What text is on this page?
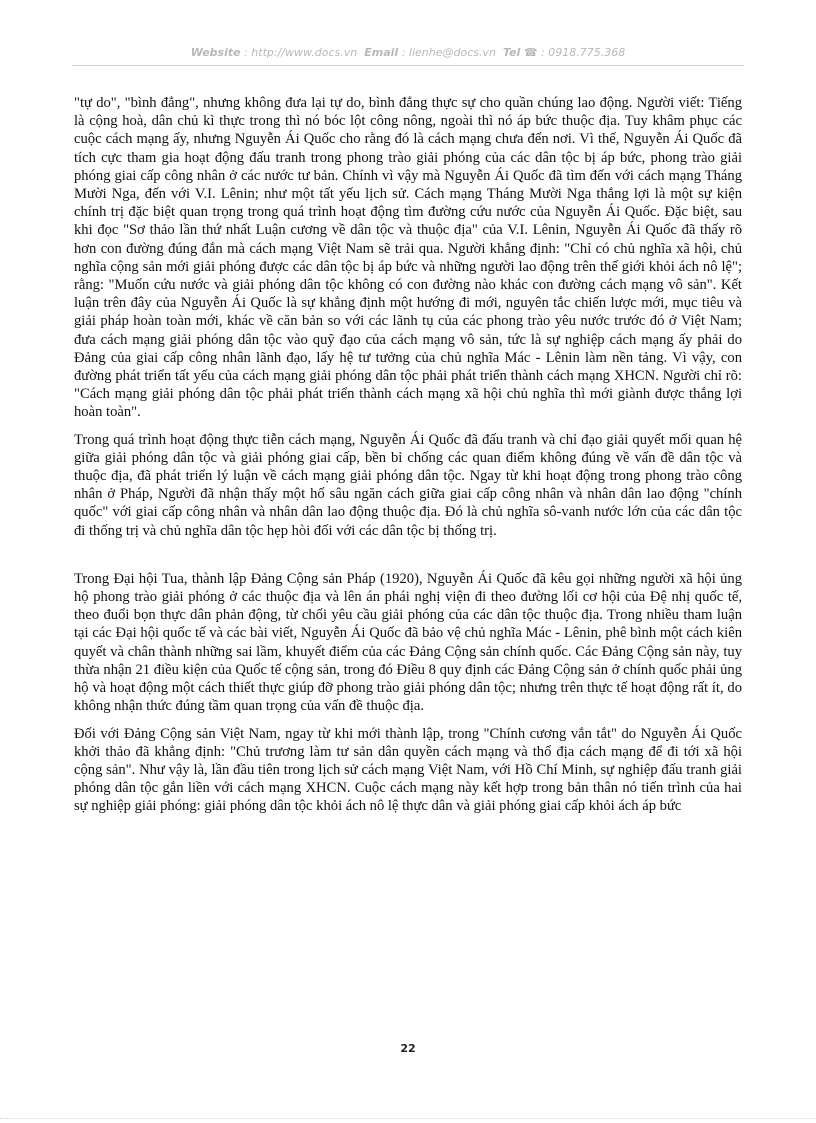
Website : http://www.docs.vn Email : lienhe@docs.vn Tel ☎ : 0918.775.368

"tự do", "bình đẳng", nhưng không đưa lại tự do, bình đẳng thực sự cho quần chúng lao động. Người viết: Tiếng là cộng hoà, dân chủ kì thực trong thì nó bóc lột công nông, ngoài thì nó áp bức thuộc địa. Tuy khâm phục các cuộc cách mạng ấy, nhưng Nguyễn Ái Quốc cho rằng đó là cách mạng chưa đến nơi. Vì thế, Nguyễn Ái Quốc đã tích cực tham gia hoạt động đấu tranh trong phong trào giải phóng của các dân tộc bị áp bức, phong trào giải phóng giai cấp công nhân ở các nước tư bản. Chính vì vậy mà Nguyễn Ái Quốc đã tìm đến với cách mạng Tháng Mười Nga, đến với V.I. Lênin; như một tất yếu lịch sử. Cách mạng Tháng Mười Nga thắng lợi là một sự kiện chính trị đặc biệt quan trọng trong quá trình hoạt động tìm đường cứu nước của Nguyễn Ái Quốc. Đặc biệt, sau khi đọc "Sơ thảo lần thứ nhất Luận cương về dân tộc và thuộc địa" của V.I. Lênin, Nguyễn Ái Quốc đã thấy rõ hơn con đường đúng đắn mà cách mạng Việt Nam sẽ trải qua. Người khẳng định: "Chỉ có chủ nghĩa xã hội, chủ nghĩa cộng sản mới giải phóng được các dân tộc bị áp bức và những người lao động trên thế giới khỏi ách nô lệ"; rằng: "Muốn cứu nước và giải phóng dân tộc không có con đường nào khác con đường cách mạng vô sản". Kết luận trên đây của Nguyễn Ái Quốc là sự khẳng định một hướng đi mới, nguyên tắc chiến lược mới, mục tiêu và giải pháp hoàn toàn mới, khác về căn bản so với các lãnh tụ của các phong trào yêu nước trước đó ở Việt Nam; đưa cách mạng giải phóng dân tộc vào quỹ đạo của cách mạng vô sản, tức là sự nghiệp cách mạng ấy phải do Đảng của giai cấp công nhân lãnh đạo, lấy hệ tư tưởng của chủ nghĩa Mác - Lênin làm nền tảng. Vì vậy, con đường phát triển tất yếu của cách mạng giải phóng dân tộc phải phát triển thành cách mạng XHCN. Người chỉ rõ: "Cách mạng giải phóng dân tộc phải phát triển thành cách mạng xã hội chủ nghĩa thì mới giành được thắng lợi hoàn toàn".

Trong quá trình hoạt động thực tiễn cách mạng, Nguyễn Ái Quốc đã đấu tranh và chỉ đạo giải quyết mối quan hệ giữa giải phóng dân tộc và giải phóng giai cấp, bền bỉ chống các quan điểm không đúng về vấn đề dân tộc và thuộc địa, đã phát triển lý luận về cách mạng giải phóng dân tộc. Ngay từ khi hoạt động trong phong trào công nhân ở Pháp, Người đã nhận thấy một hố sâu ngăn cách giữa giai cấp công nhân và nhân dân lao động "chính quốc" với giai cấp công nhân và nhân dân lao động thuộc địa. Đó là chủ nghĩa sô-vanh nước lớn của các dân tộc đi thống trị và chủ nghĩa dân tộc hẹp hòi đối với các dân tộc bị thống trị.

Trong Đại hội Tua, thành lập Đảng Cộng sản Pháp (1920), Nguyễn Ái Quốc đã kêu gọi những người xã hội ủng hộ phong trào giải phóng ở các thuộc địa và lên án phái nghị viện đi theo đường lối cơ hội của Đệ nhị quốc tế, theo đuổi bọn thực dân phản động, từ chối yêu cầu giải phóng của các dân tộc thuộc địa. Trong nhiều tham luận tại các Đại hội quốc tế và các bài viết, Nguyễn Ái Quốc đã bảo vệ chủ nghĩa Mác - Lênin, phê bình một cách kiên quyết và chân thành những sai lầm, khuyết điểm của các Đảng Cộng sản chính quốc. Các Đảng Cộng sản này, tuy thừa nhận 21 điều kiện của Quốc tế cộng sản, trong đó Điều 8 quy định các Đảng Cộng sản ở chính quốc phải ủng hộ và hoạt động một cách thiết thực giúp đỡ phong trào giải phóng dân tộc; nhưng trên thực tế hoạt động rất ít, do không nhận thức đúng tầm quan trọng của vấn đề thuộc địa.

Đối với Đảng Cộng sản Việt Nam, ngay từ khi mới thành lập, trong "Chính cương vắn tắt" do Nguyễn Ái Quốc khởi thảo đã khẳng định: "Chủ trương làm tư sản dân quyền cách mạng và thổ địa cách mạng để đi tới xã hội cộng sản". Như vậy là, lần đầu tiên trong lịch sử cách mạng Việt Nam, với Hồ Chí Minh, sự nghiệp đấu tranh giải phóng dân tộc gắn liền với cách mạng XHCN. Cuộc cách mạng này kết hợp trong bản thân nó tiến trình của hai sự nghiệp giải phóng: giải phóng dân tộc khỏi ách nô lệ thực dân và giải phóng giai cấp khỏi ách áp bức

22
